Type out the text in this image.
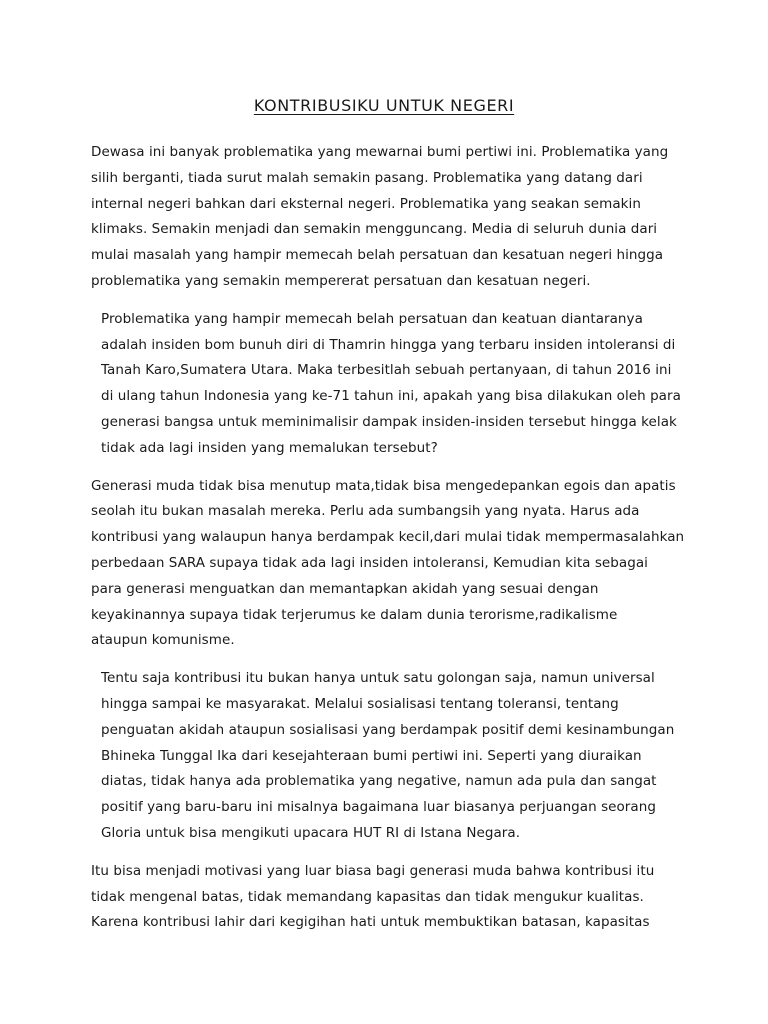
KONTRIBUSIKU UNTUK NEGERI
Dewasa ini banyak problematika yang mewarnai bumi pertiwi ini. Problematika yang
silih berganti, tiada surut malah semakin pasang. Problematika yang datang dari
internal negeri bahkan dari eksternal negeri. Problematika yang seakan semakin
klimaks. Semakin menjadi dan semakin mengguncang. Media di seluruh dunia dari
mulai masalah yang hampir memecah belah persatuan dan kesatuan negeri hingga
problematika yang semakin mempererat persatuan dan kesatuan negeri.
Problematika yang hampir memecah belah persatuan dan keatuan diantaranya
adalah insiden bom bunuh diri di Thamrin hingga yang terbaru insiden intoleransi di
Tanah Karo,Sumatera Utara. Maka terbesitlah sebuah pertanyaan, di tahun 2016 ini
di ulang tahun Indonesia yang ke-71 tahun ini, apakah yang bisa dilakukan oleh para
generasi bangsa untuk meminimalisir dampak insiden-insiden tersebut hingga kelak
tidak ada lagi insiden yang memalukan tersebut?
Generasi muda tidak bisa menutup mata,tidak bisa mengedepankan egois dan apatis
seolah itu bukan masalah mereka. Perlu ada sumbangsih yang nyata. Harus ada
kontribusi yang walaupun hanya berdampak kecil,dari mulai tidak mempermasalahkan
perbedaan SARA supaya tidak ada lagi insiden intoleransi, Kemudian kita sebagai
para generasi menguatkan dan memantapkan akidah yang sesuai dengan
keyakinannya supaya tidak terjerumus ke dalam dunia terorisme,radikalisme
ataupun komunisme.
Tentu saja kontribusi itu bukan hanya untuk satu golongan saja, namun universal
hingga sampai ke masyarakat. Melalui sosialisasi tentang toleransi, tentang
penguatan akidah ataupun sosialisasi yang berdampak positif demi kesinambungan
Bhineka Tunggal Ika dari kesejahteraan bumi pertiwi ini. Seperti yang diuraikan
diatas, tidak hanya ada problematika yang negative, namun ada pula dan sangat
positif yang baru-baru ini misalnya bagaimana luar biasanya perjuangan seorang
Gloria untuk bisa mengikuti upacara HUT RI di Istana Negara.
Itu bisa menjadi motivasi yang luar biasa bagi generasi muda bahwa kontribusi itu
tidak mengenal batas, tidak memandang kapasitas dan tidak mengukur kualitas.
Karena kontribusi lahir dari kegigihan hati untuk membuktikan batasan, kapasitas
